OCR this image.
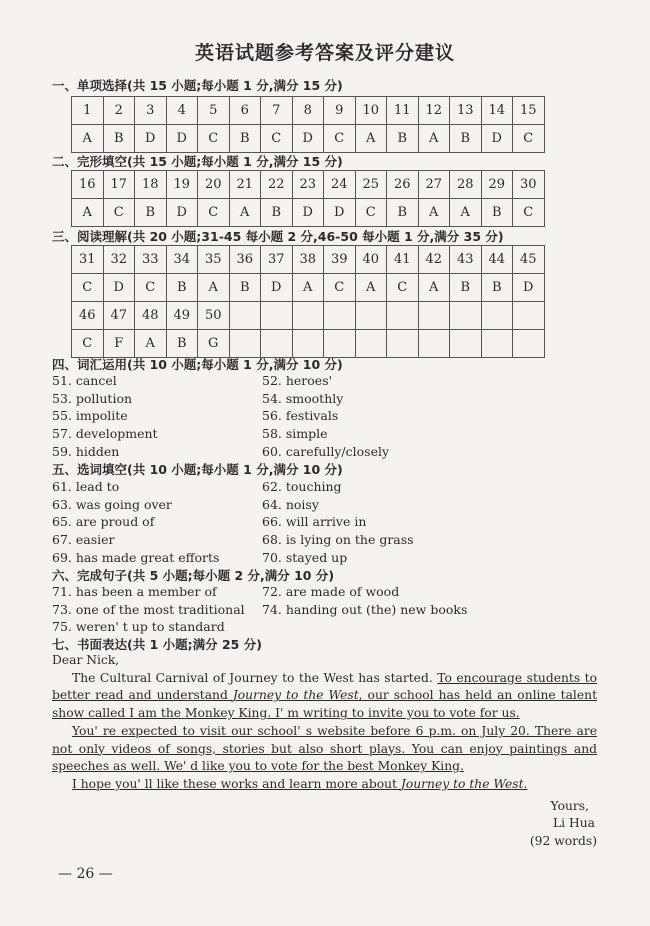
英语试题参考答案及评分建议
一、单项选择(共 15 小题;每小题 1 分,满分 15 分)
1	2	3	4	5	6	7	8	9	10	11	12	13	14	15
A	B	D	D	C	B	C	D	C	A	B	A	B	D	C
二、完形填空(共 15 小题;每小题 1 分,满分 15 分)
16	17	18	19	20	21	22	23	24	25	26	27	28	29	30
A	C	B	D	C	A	B	D	D	C	B	A	A	B	C
三、阅读理解(共 20 小题;31-45 每小题 2 分,46-50 每小题 1 分,满分 35 分)
31	32	33	34	35	36	37	38	39	40	41	42	43	44	45
C	D	C	B	A	B	D	A	C	A	C	A	B	B	D
46	47	48	49	50										
C	F	A	B	G										
四、词汇运用(共 10 小题;每小题 1 分,满分 10 分)
51. cancel	52. heroes'
53. pollution	54. smoothly
55. impolite	56. festivals
57. development	58. simple
59. hidden	60. carefully/closely
五、选词填空(共 10 小题;每小题 1 分,满分 10 分)
61. lead to	62. touching
63. was going over	64. noisy
65. are proud of	66. will arrive in
67. easier	68. is lying on the grass
69. has made great efforts	70. stayed up
六、完成句子(共 5 小题;每小题 2 分,满分 10 分)
71. has been a member of	72. are made of wood
73. one of the most traditional	74. handing out (the) new books
75. weren' t up to standard
七、书面表达(共 1 小题;满分 25 分)
Dear Nick,

The Cultural Carnival of Journey to the West has started. To encourage students to better read and understand Journey to the West, our school has held an online talent show called I am the Monkey King. I' m writing to invite you to vote for us.

You' re expected to visit our school' s website before 6 p.m. on July 20. There are not only videos of songs, stories but also short plays. You can enjoy paintings and speeches as well. We' d like you to vote for the best Monkey King.

I hope you' ll like these works and learn more about Journey to the West.

Yours,
Li Hua
(92 words)
— 26 —
